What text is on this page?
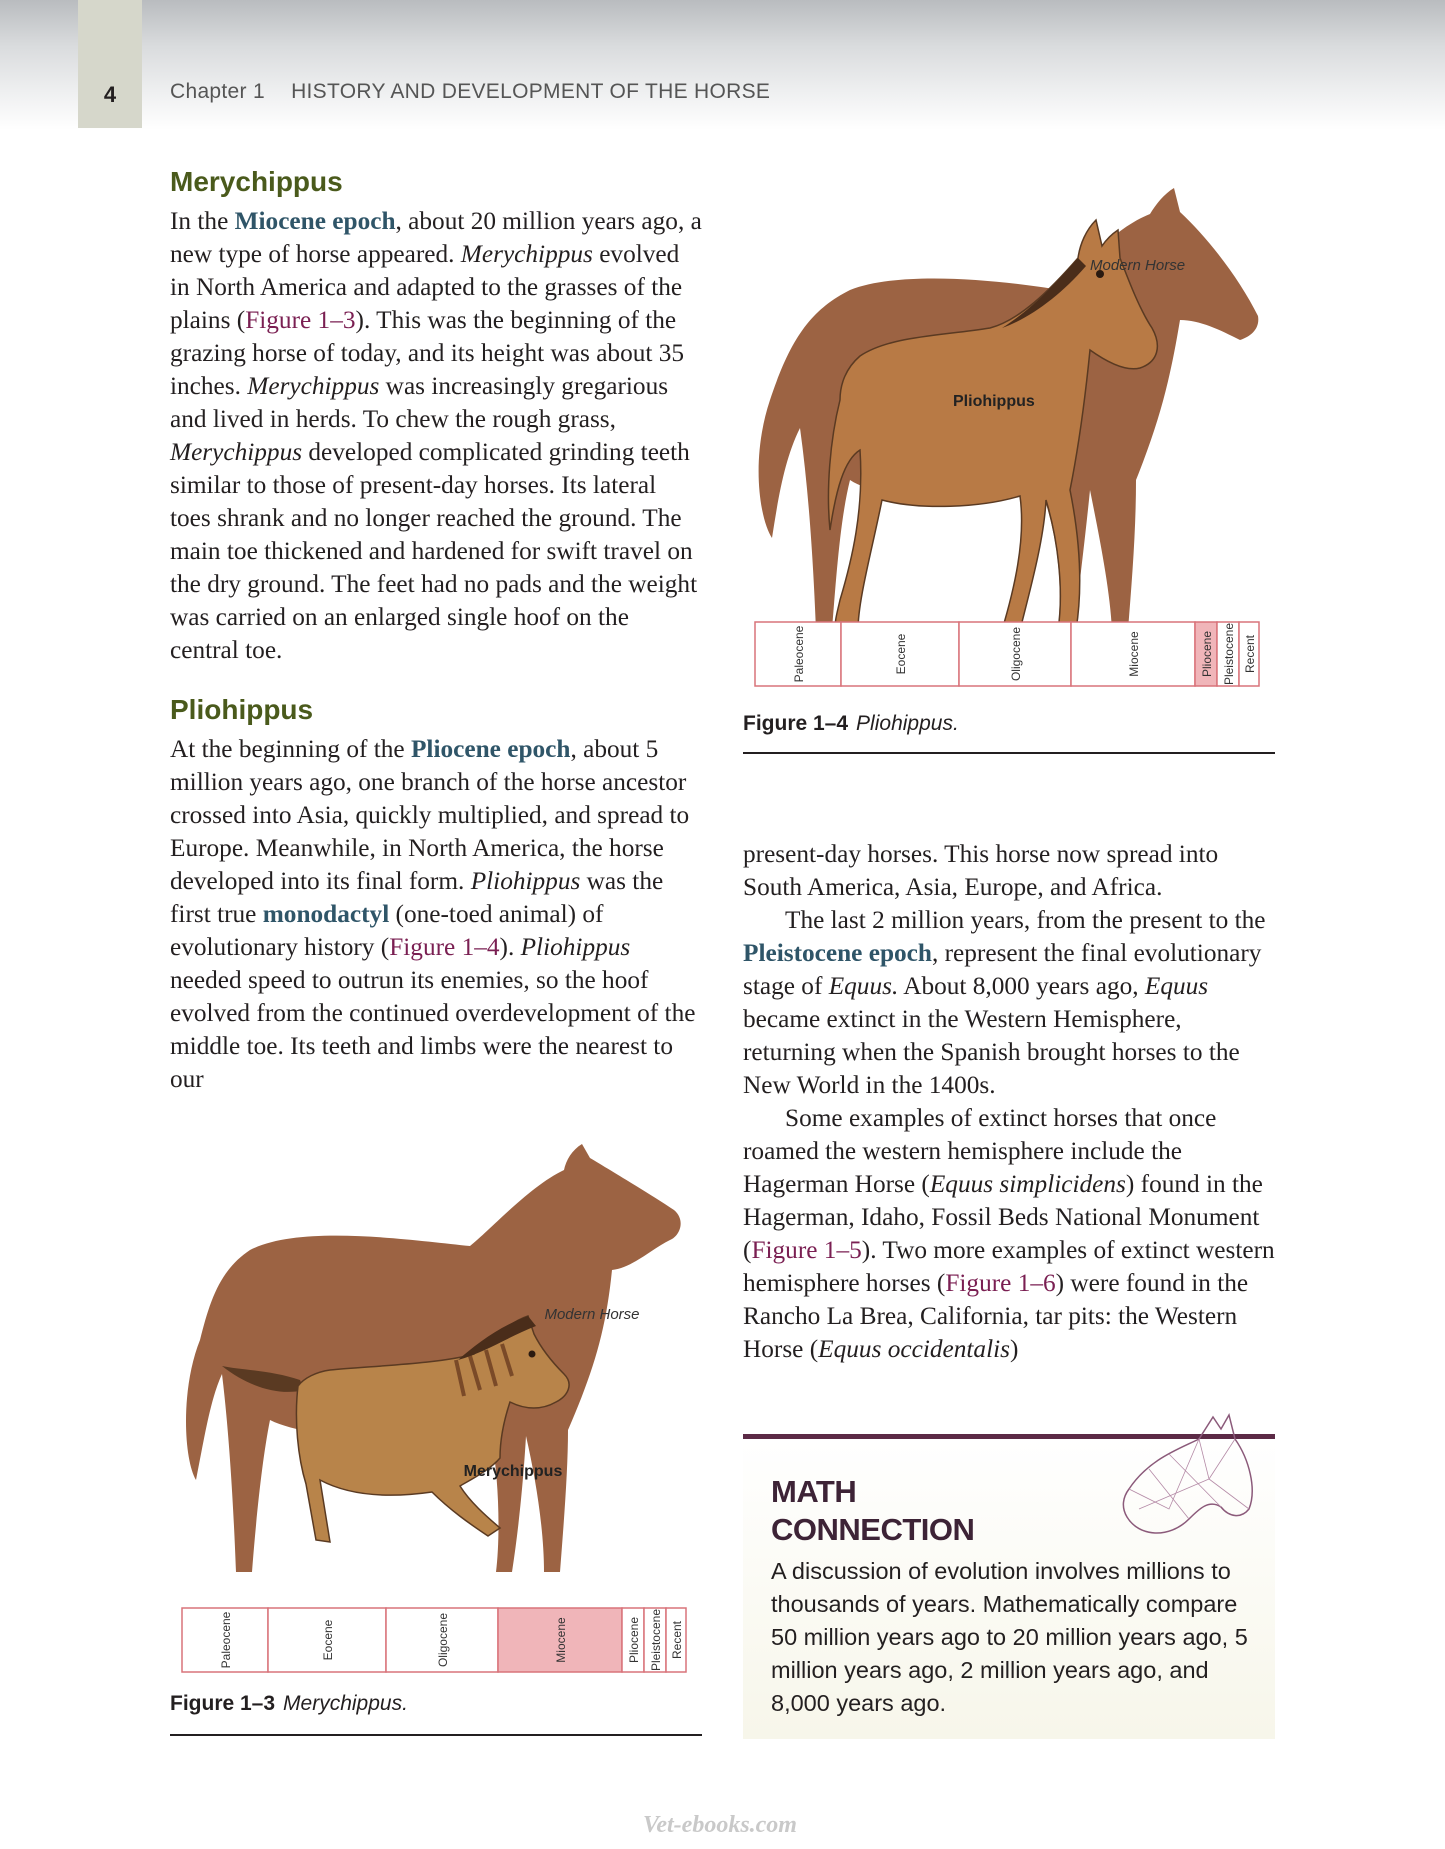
4	Chapter 1 HISTORY AND DEVELOPMENT OF THE HORSE
Merychippus

In the Miocene epoch, about 20 million years ago, a new type of horse appeared. Merychippus evolved in North America and adapted to the grasses of the plains (Figure 1–3). This was the beginning of the grazing horse of today, and its height was about 35 inches. Merychippus was increasingly gregarious and lived in herds. To chew the rough grass, Merychippus developed complicated grinding teeth similar to those of present-day horses. Its lateral toes shrank and no longer reached the ground. The main toe thickened and hardened for swift travel on the dry ground. The feet had no pads and the weight was carried on an enlarged single hoof on the central toe.

Pliohippus

At the beginning of the Pliocene epoch, about 5 million years ago, one branch of the horse ancestor crossed into Asia, quickly multiplied, and spread to Europe. Meanwhile, in North America, the horse developed into its final form. Pliohippus was the first true monodactyl (one-toed animal) of evolutionary history (Figure 1–4). Pliohippus needed speed to outrun its enemies, so the hoof evolved from the continued overdevelopment of the middle toe. Its teeth and limbs were the nearest to our

present-day horses. This horse now spread into South America, Asia, Europe, and Africa.

The last 2 million years, from the present to the Pleistocene epoch, represent the final evolutionary stage of Equus. About 8,000 years ago, Equus became extinct in the Western Hemisphere, returning when the Spanish brought horses to the New World in the 1400s.

Some examples of extinct horses that once roamed the western hemisphere include the Hagerman Horse (Equus simplicidens) found in the Hagerman, Idaho, Fossil Beds National Monument (Figure 1–5). Two more examples of extinct western hemisphere horses (Figure 1–6) were found in the Rancho La Brea, California, tar pits: the Western Horse (Equus occidentalis)

Modern Horse
Pliohippus
Paleocene	Eocene	Oligocene	Miocene	Pliocene Pleistocene Recent
Figure 1–4 Pliohippus.
Modern Horse
Merychippus
Paleocene	Eocene	Oligocene	Miocene	Pliocene Pleistocene Recent
Figure 1–3 Merychippus.
MATH
CONNECTION
A discussion of evolution involves millions to thousands of years. Mathematically compare 50 million years ago to 20 million years ago, 5 million years ago, 2 million years ago, and 8,000 years ago.
Vet-ebooks.com
